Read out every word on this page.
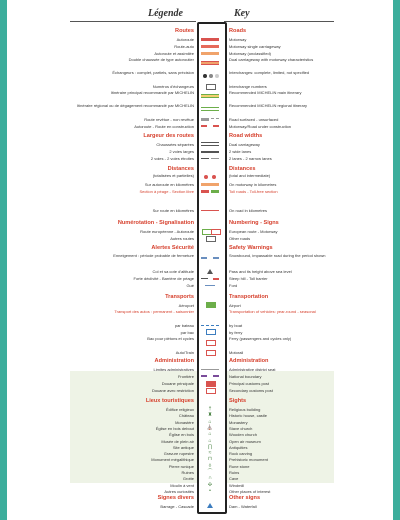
Légende	Key
Routes	Roads
Autoroute	Motorway
Route-auto	Motorway single carriageway
Autoroute et assimilée	Motorway (unclassified)
Double chaussée de type autoroutier	Dual carriageway with motorway characteristics
Échangeurs : complet, partiels, sans précision	Interchanges: complete, limited, not specified
Numéros d'échangeurs	Interchange numbers
Itinéraire principal recommandé par MICHELIN	Recommended MICHELIN main itinerary
Itinéraire régional ou de dégagement recommandé par MICHELIN	Recommended MICHELIN regional itinerary
Route revêtue - non revêtue	Road surfaced - unsurfaced
Autoroute - Route en construction	Motorway/Road under construction
Largeur des routes	Road widths
Chaussées séparées	Dual carriageway
2 voies larges	2 wide lanes
2 voies - 2 voies étroites	2 lanes - 2 narrow lanes
Distances	Distances
(totalisées et partielles)	(total and intermediate)
Sur autoroute en kilomètres	On motorway in kilometres
Section à péage - Section libre	Toll roads - Toll-free section
Sur route en kilomètres	On road in kilometres
Numérotation - Signalisation	Numbering - Signs
Route européenne - Autoroute	European route - Motorway
Autres routes	Other roads
Alertes Sécurité	Safety Warnings
Enneigement : période probable de fermeture	Snowbound, impassable road during the period shown
Col et sa cote d'altitude	Pass and its height above sea level
Forte déclivité - Barrière de péage	Steep hill - Toll barrier
Gué	Ford
Transports	Transportation
Aéroport	Airport
Transport des autos : permanent - saisonnier	Transportation of vehicles: year-round - seasonal
par bateau	by boat
par bac	by ferry
Bac pour piétons et cycles	Ferry (passengers and cycles only)
Auto/Train	Motorail
Administration	Administration
Limites administratives	Administrative district seat
Frontière	National boundary
Douane principale	Principal customs post
Douane avec restriction	Secondary customs post
Lieux touristiques	Sights
Édifice religieux	Religious building
†
Château	Historic house, castle
♜
Monastère	Monastery
⌂
Église en bois debout	Stave church
⛪
Église en bois	Wooden church
⌂
Musée de plein air	Open air museum
⌂
Site antique	Antiquities
∏
Gravure rupestre	Rock carving
≈
Monument mégalithique	Prehistoric monument
⊓
Pierre runique	Rune stone
◊
Ruines	Ruins
⌒
Grotte	Cave
∩
Moulin à vent	Windmill
✣
Autres curiosités	Other places of interest
•
Signes divers	Other signs
Barrage - Cascade	Dam - Waterfall
